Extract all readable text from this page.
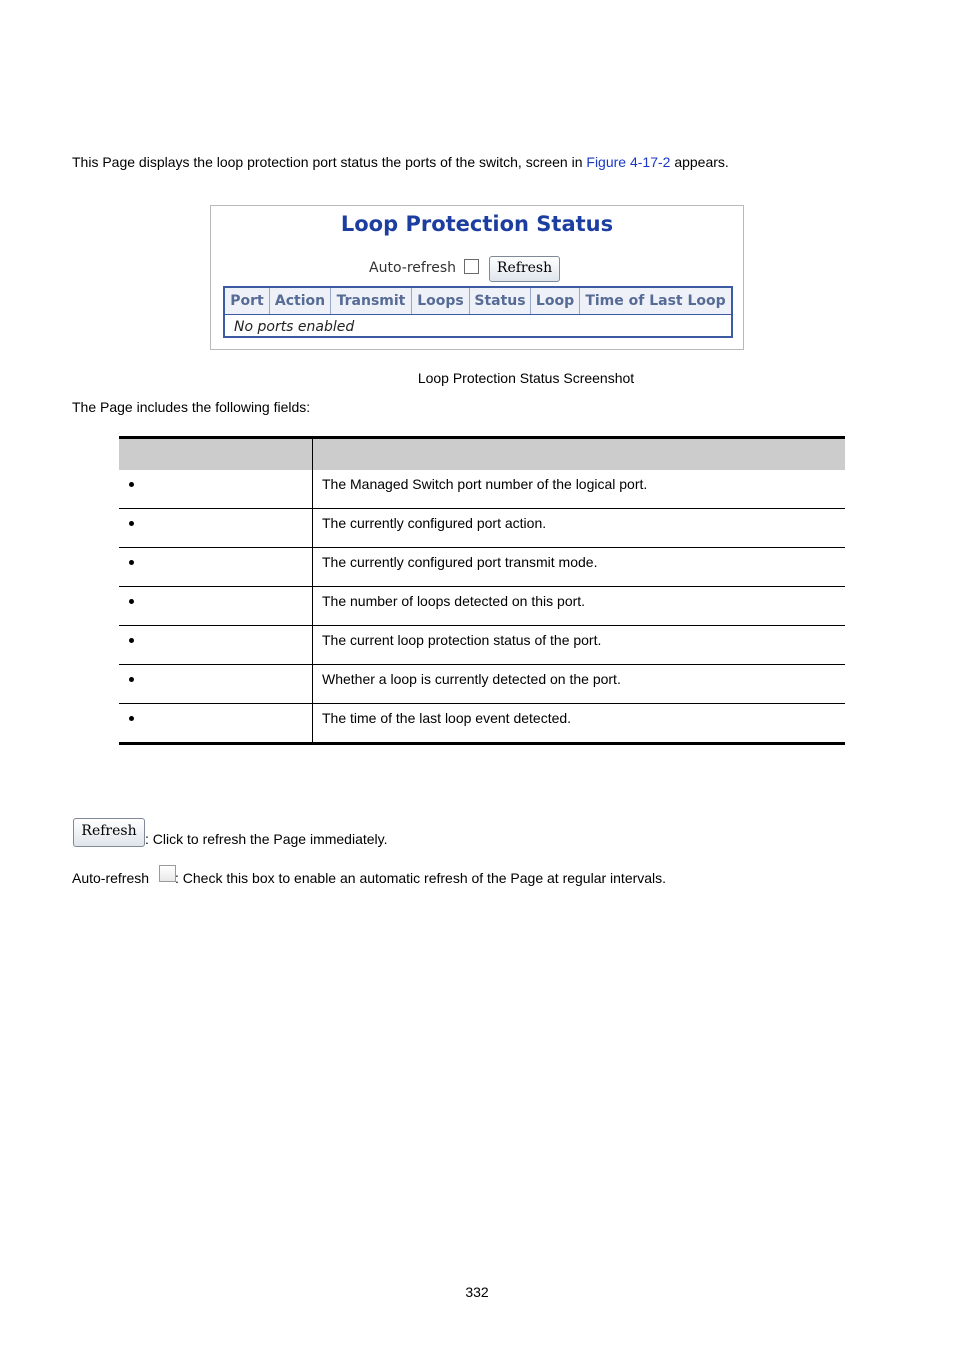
This Page displays the loop protection port status the ports of the switch, screen in Figure 4-17-2 appears.
Loop Protection Status
Auto-refresh	Refresh
Port Action Transmit Loops Status Loop Time of Last Loop
No ports enabled
Loop Protection Status Screenshot
The Page includes the following fields:
The Managed Switch port number of the logical port.
The currently configured port action.
The currently configured port transmit mode.
The number of loops detected on this port.
The current loop protection status of the port.
Whether a loop is currently detected on the port.
The time of the last loop event detected.
Refresh : Click to refresh the Page immediately.
Auto-refresh : Check this box to enable an automatic refresh of the Page at regular intervals.
332
